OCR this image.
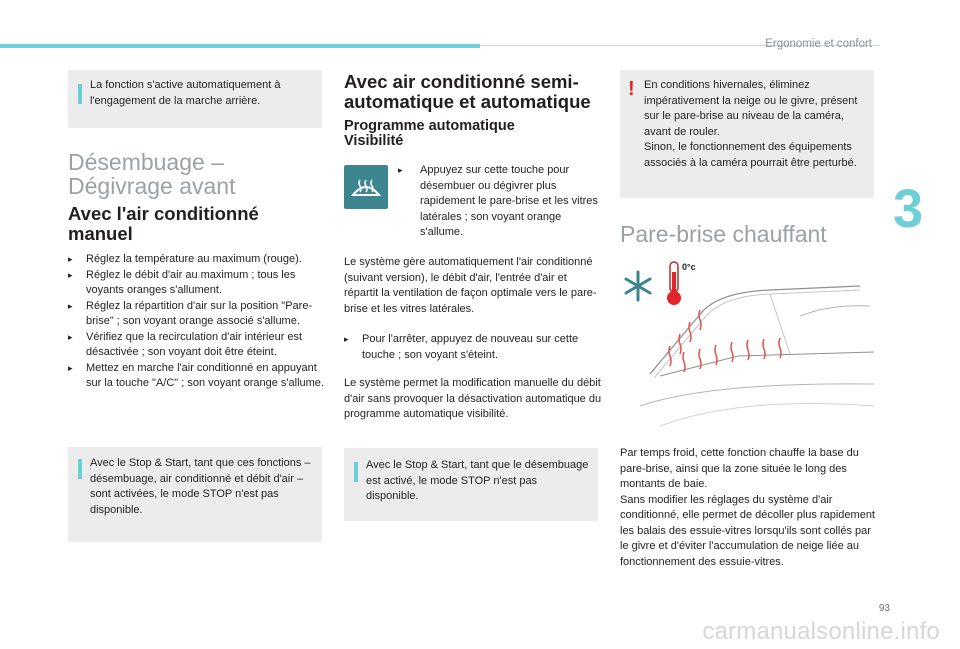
Ergonomie et confort
3
La fonction s'active automatiquement à l'engagement de la marche arrière.
Désembuage – Dégivrage avant
Avec l'air conditionné manuel
▸ Réglez la température au maximum (rouge).
▸ Réglez le débit d'air au maximum ; tous les voyants oranges s'allument.
▸ Réglez la répartition d'air sur la position "Pare-brise" ; son voyant orange associé s'allume.
▸ Vérifiez que la recirculation d'air intérieur est désactivée ; son voyant doit être éteint.
▸ Mettez en marche l'air conditionné en appuyant sur la touche "A/C" ; son voyant orange s'allume.
Avec le Stop & Start, tant que ces fonctions – désembuage, air conditionné et débit d'air – sont activées, le mode STOP n'est pas disponible.
Avec air conditionné semi-automatique et automatique
Programme automatique Visibilité
▸ Appuyez sur cette touche pour désembuer ou dégivrer plus rapidement le pare-brise et les vitres latérales ; son voyant orange s'allume.
Le système gère automatiquement l'air conditionné (suivant version), le débit d'air, l'entrée d'air et répartit la ventilation de façon optimale vers le pare-brise et les vitres latérales.
▸ Pour l'arrêter, appuyez de nouveau sur cette touche ; son voyant s'éteint.
Le système permet la modification manuelle du débit d'air sans provoquer la désactivation automatique du programme automatique visibilité.
Avec le Stop & Start, tant que le désembuage est activé, le mode STOP n'est pas disponible.
! En conditions hivernales, éliminez impérativement la neige ou le givre, présent sur le pare-brise au niveau de la caméra, avant de rouler.
Sinon, le fonctionnement des équipements associés à la caméra pourrait être perturbé.
Pare-brise chauffant
0°c
Par temps froid, cette fonction chauffe la base du pare-brise, ainsi que la zone située le long des montants de baie.
Sans modifier les réglages du système d'air conditionné, elle permet de décoller plus rapidement les balais des essuie-vitres lorsqu'ils sont collés par le givre et d'éviter l'accumulation de neige liée au fonctionnement des essuie-vitres.
93
carmanualsonline.info
